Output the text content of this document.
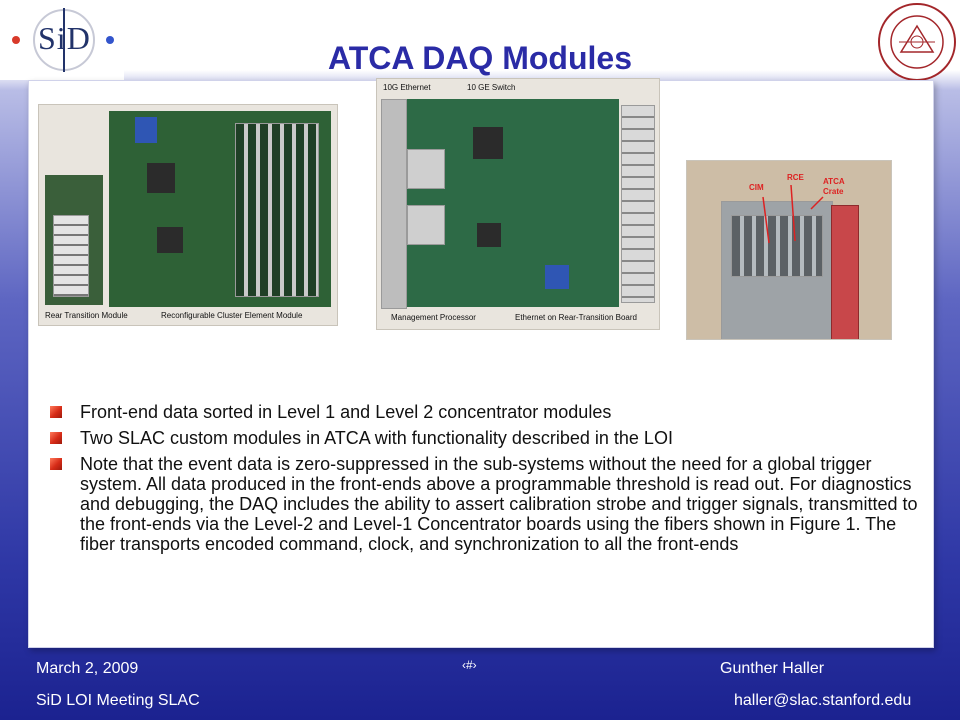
SiD
ATCA DAQ Modules
Rear Transition Module	Reconfigurable Cluster Element Module
10G Ethernet	10 GE Switch
Management Processor	Ethernet on Rear-Transition Board
CIM
RCE ATCA
Crate
Front-end data sorted in Level 1 and Level 2 concentrator modules
Two SLAC custom modules in ATCA with functionality described in the LOI
Note that the event data is zero-suppressed in the sub-systems without the need for a global trigger system. All data produced in the front-ends above a programmable threshold is read out. For diagnostics and debugging, the DAQ includes the ability to assert calibration strobe and trigger signals, transmitted to the front-ends via the Level-2 and Level-1 Concentrator boards using the fibers shown in Figure 1. The fiber transports encoded command, clock, and synchronization to all the front-ends
March 2, 2009
SiD LOI Meeting SLAC
‹#›	Gunther Haller
haller@slac.stanford.edu
